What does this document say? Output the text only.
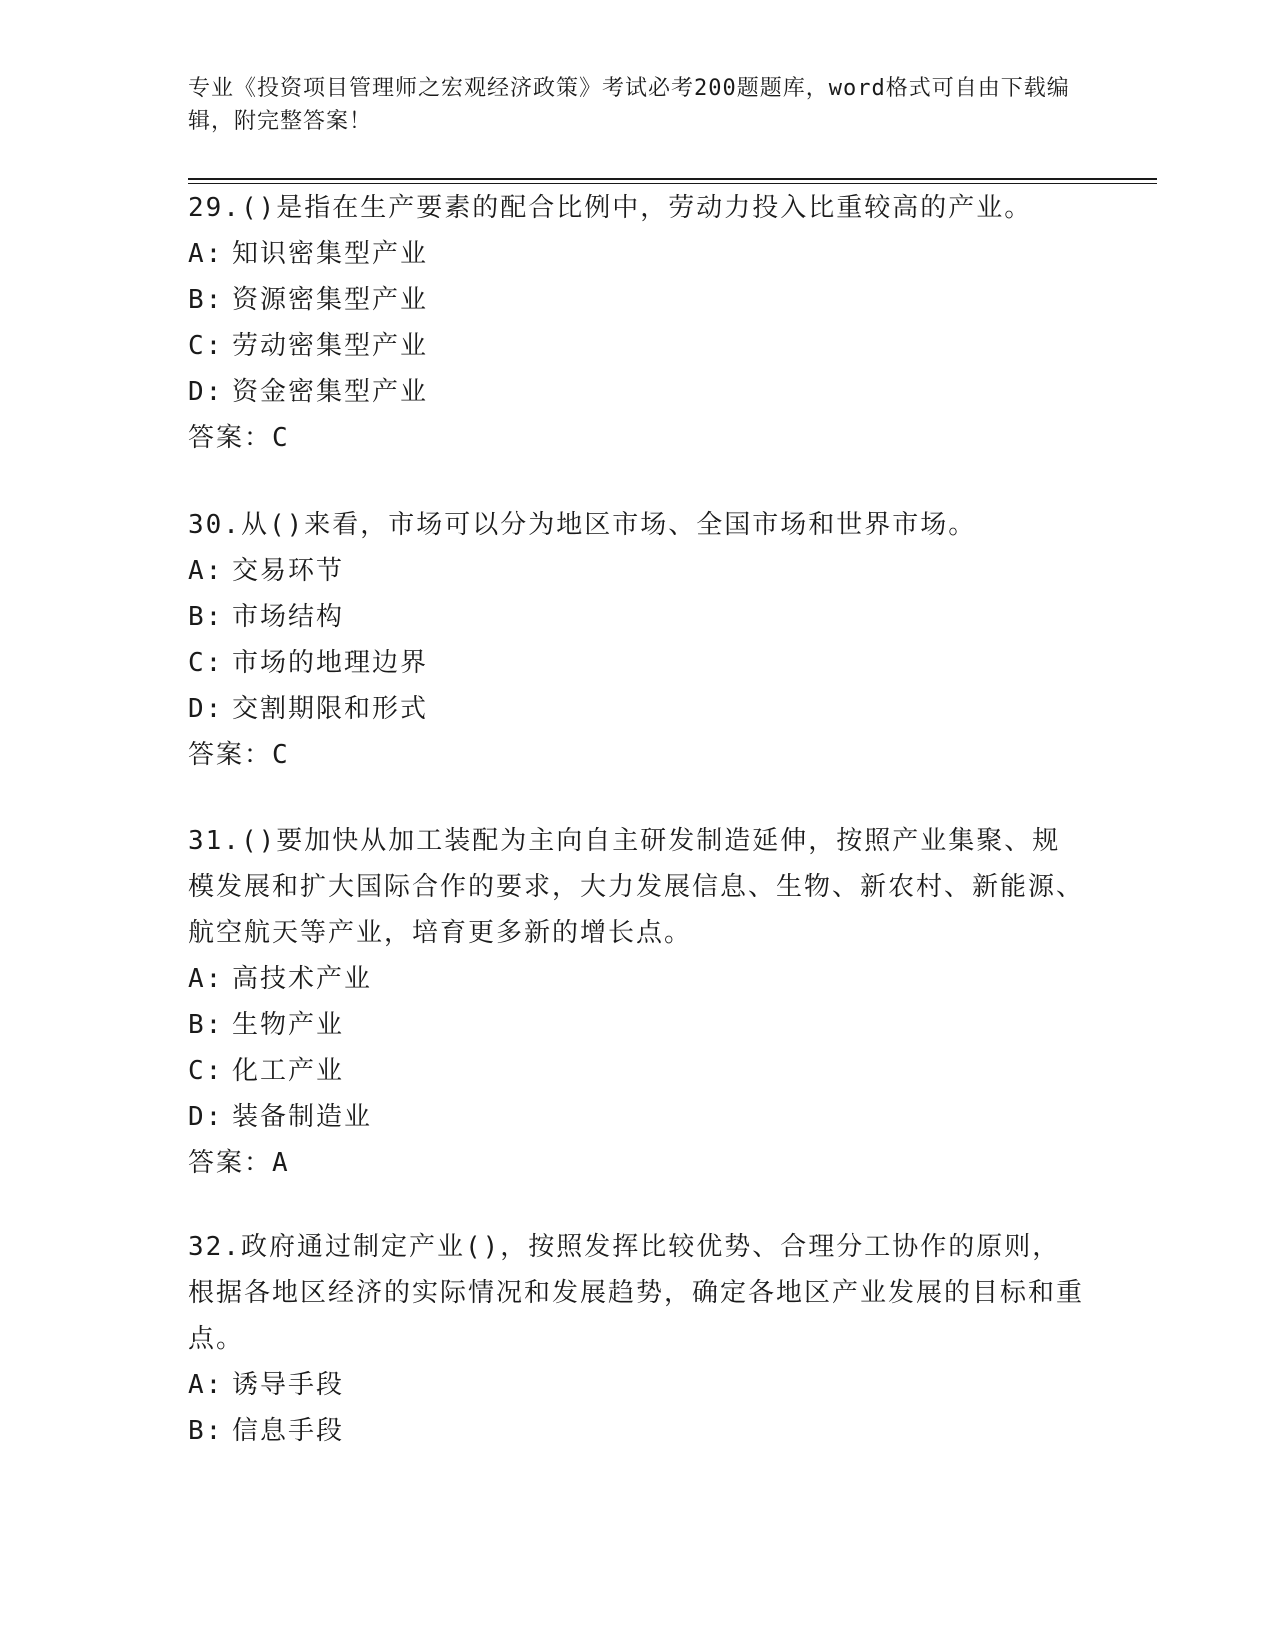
专业《投资项目管理师之宏观经济政策》考试必考200题题库，word格式可自由下载编辑，附完整答案！
29.()是指在生产要素的配合比例中，劳动力投入比重较高的产业。
A: 知识密集型产业
B: 资源密集型产业
C: 劳动密集型产业
D: 资金密集型产业
答案：C
30.从()来看，市场可以分为地区市场、全国市场和世界市场。
A: 交易环节
B: 市场结构
C: 市场的地理边界
D: 交割期限和形式
答案：C
31.()要加快从加工装配为主向自主研发制造延伸，按照产业集聚、规模发展和扩大国际合作的要求，大力发展信息、生物、新农村、新能源、航空航天等产业，培育更多新的增长点。
A: 高技术产业
B: 生物产业
C: 化工产业
D: 装备制造业
答案：A
32.政府通过制定产业()，按照发挥比较优势、合理分工协作的原则，根据各地区经济的实际情况和发展趋势，确定各地区产业发展的目标和重点。
A: 诱导手段
B: 信息手段
